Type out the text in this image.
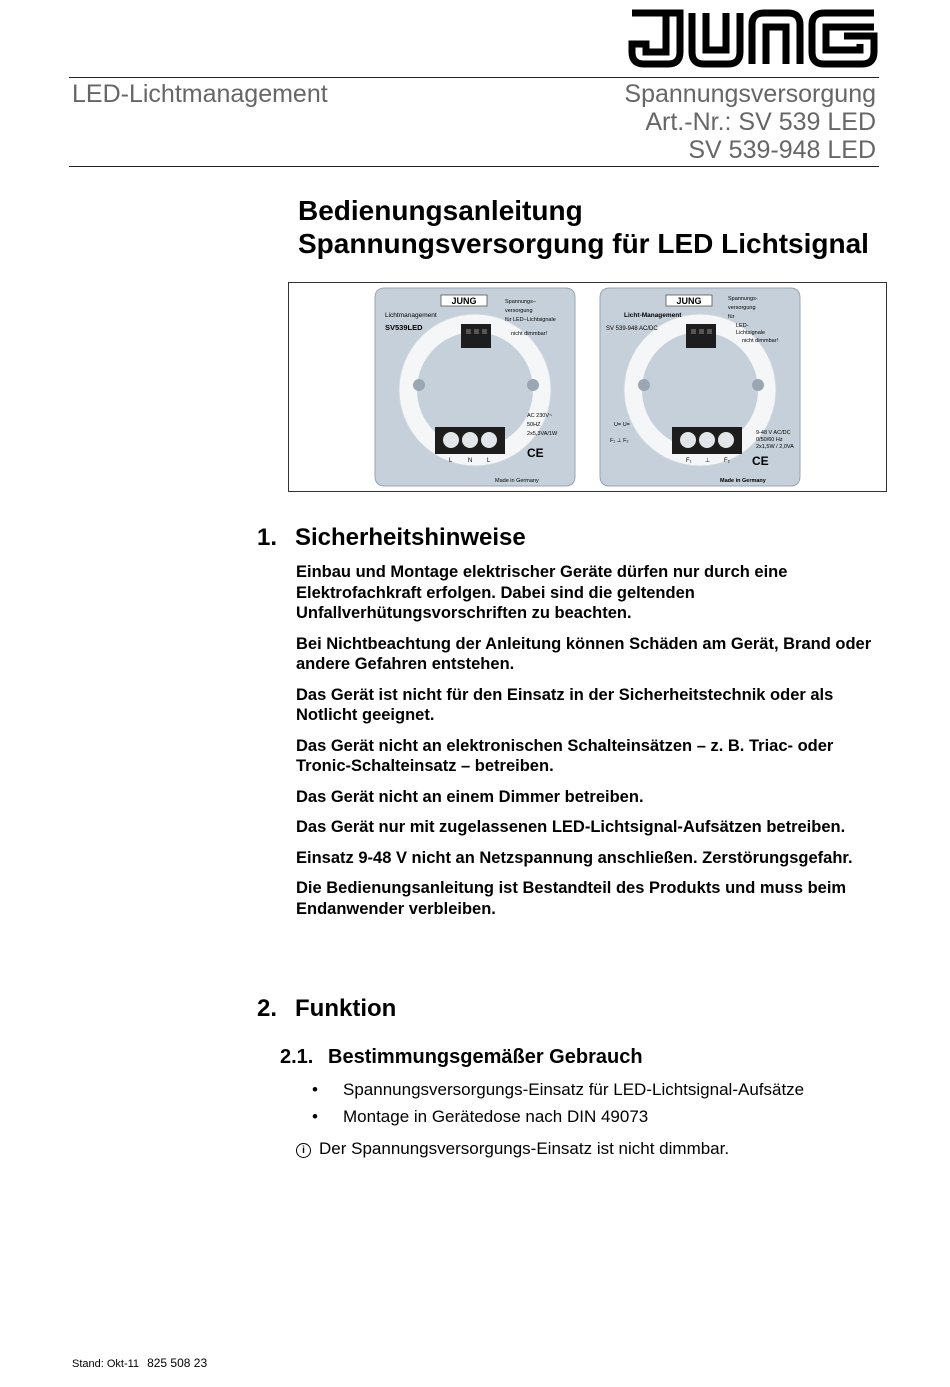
LED-Lichtmanagement	Spannungsversorgung
Art.-Nr.: SV 539 LED
SV 539-948 LED
Bedienungsanleitung
Spannungsversorgung für LED Lichtsignal
JUNG
Lichtmanagement
SV539LED
Spannungs– versorgung für LED–Lichtsignale nicht dimmbar!
AC 230V~ 50HZ 2x5,3VA/1W
L	N L
CE
Made in Germany
JUNG
Licht-Management
SV 539-948 AC/DC
Spannungs- versorgung für LED- Lichtsignale nicht dimmbar!
U= U= F₁ ⊥ F₂
9-48 V AC/DC 0/50/60 Hz 2x1,5W / 2,0VA
F₁ ⊥ F₂ CE
Made in Germany
1. Sicherheitshinweise

Einbau und Montage elektrischer Geräte dürfen nur durch eine Elektrofachkraft erfolgen. Dabei sind die geltenden Unfallverhütungsvorschriften zu beachten.

Bei Nichtbeachtung der Anleitung können Schäden am Gerät, Brand oder andere Gefahren entstehen.

Das Gerät ist nicht für den Einsatz in der Sicherheitstechnik oder als Notlicht geeignet.

Das Gerät nicht an elektronischen Schalteinsätzen – z. B. Triac- oder Tronic-Schalteinsatz – betreiben.

Das Gerät nicht an einem Dimmer betreiben.

Das Gerät nur mit zugelassenen LED-Lichtsignal-Aufsätzen betreiben.

Einsatz 9-48 V nicht an Netzspannung anschließen. Zerstörungsgefahr.

Die Bedienungsanleitung ist Bestandteil des Produkts und muss beim Endanwender verbleiben.

2. Funktion
2.1. Bestimmungsgemäßer Gebrauch
• Spannungsversorgungs-Einsatz für LED-Lichtsignal-Aufsätze
• Montage in Gerätedose nach DIN 49073
i Der Spannungsversorgungs-Einsatz ist nicht dimmbar.
Stand: Okt-11 825 508 23
